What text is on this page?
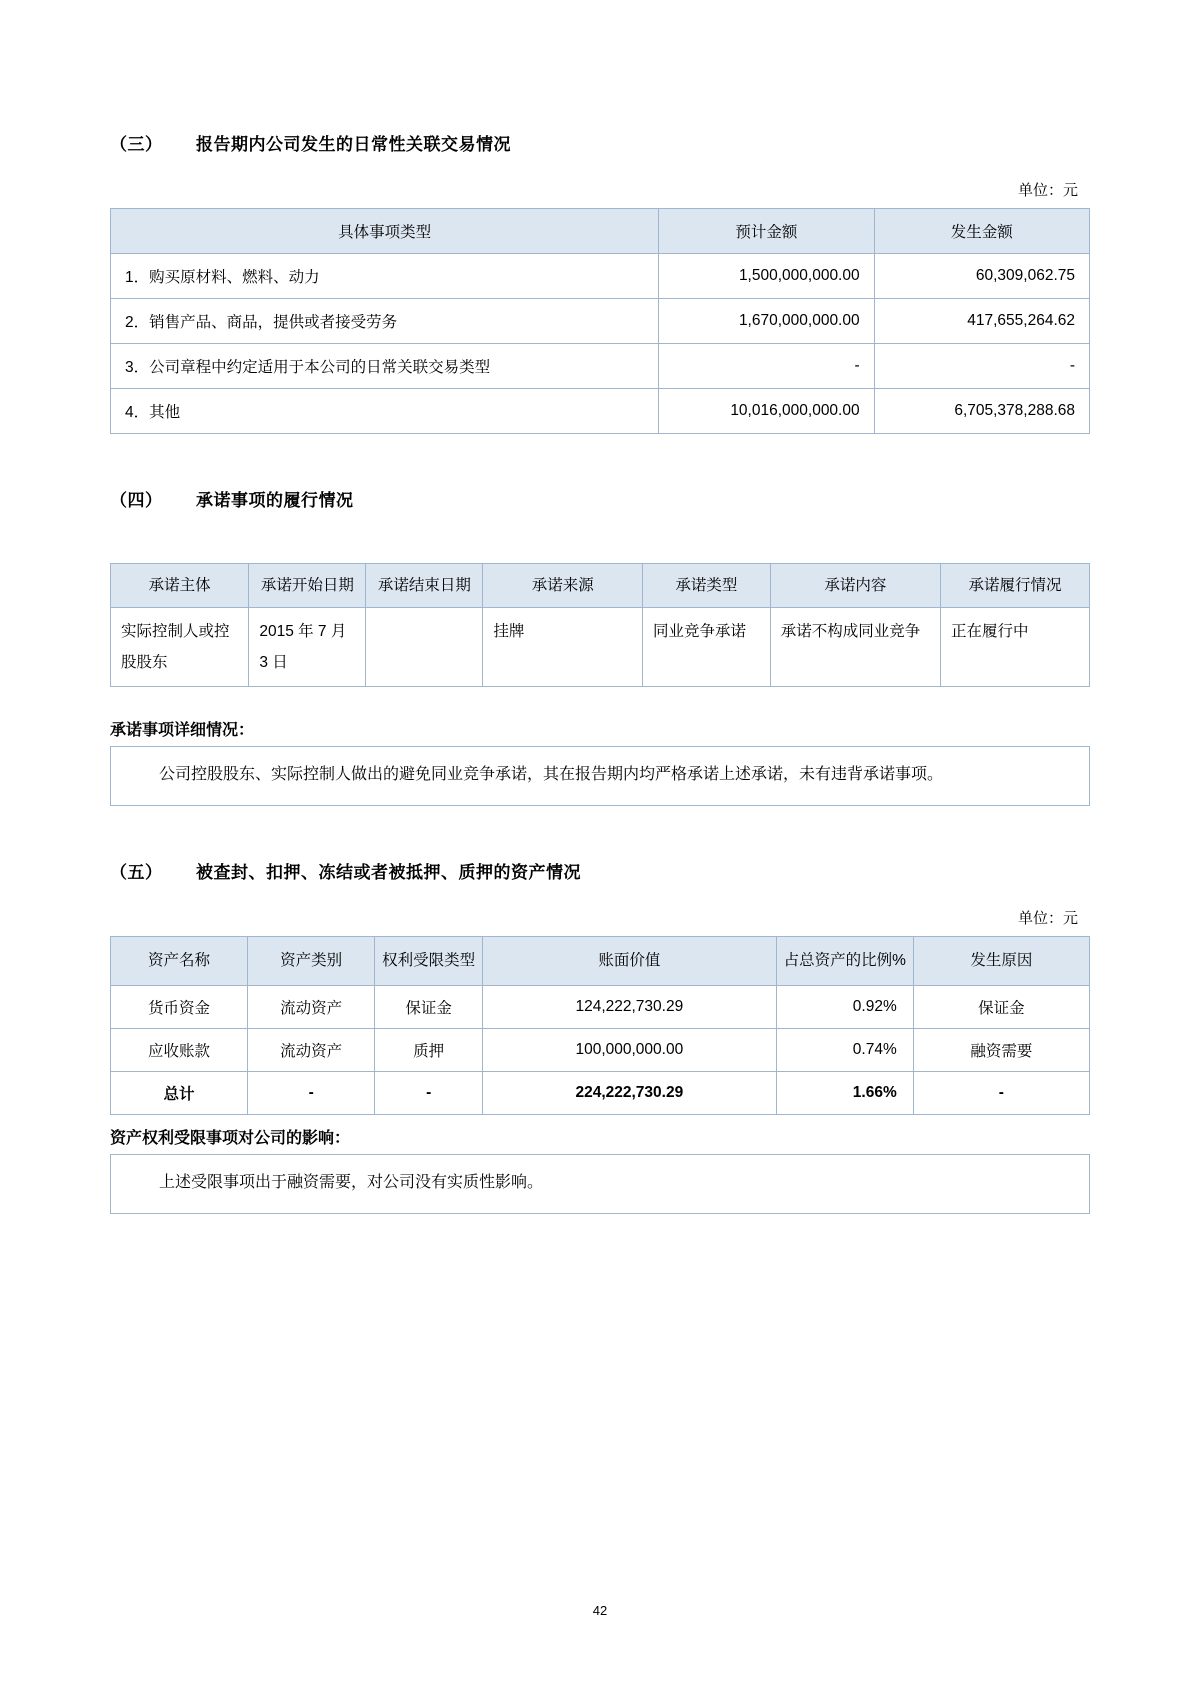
（三） 报告期内公司发生的日常性关联交易情况
单位：元
具体事项类型	预计金额	发生金额
1．购买原材料、燃料、动力	1,500,000,000.00	60,309,062.75
2．销售产品、商品，提供或者接受劳务	1,670,000,000.00	417,655,264.62
3．公司章程中约定适用于本公司的日常关联交易类型	-	-
4．其他	10,016,000,000.00	6,705,378,288.68
（四） 承诺事项的履行情况
承诺主体	承诺开始日期	承诺结束日期	承诺来源	承诺类型	承诺内容	承诺履行情况
实际控制人或控股股东	2015 年 7 月 3 日		挂牌	同业竞争承诺	承诺不构成同业竞争	正在履行中
承诺事项详细情况：
公司控股股东、实际控制人做出的避免同业竞争承诺，其在报告期内均严格承诺上述承诺，未有违背承诺事项。
（五） 被查封、扣押、冻结或者被抵押、质押的资产情况
单位：元
资产名称	资产类别	权利受限类型	账面价值	占总资产的比例%	发生原因
货币资金	流动资产	保证金	124,222,730.29	0.92%	保证金
应收账款	流动资产	质押	100,000,000.00	0.74%	融资需要
总计	-	-	224,222,730.29	1.66%	-
资产权利受限事项对公司的影响：
上述受限事项出于融资需要，对公司没有实质性影响。
42
